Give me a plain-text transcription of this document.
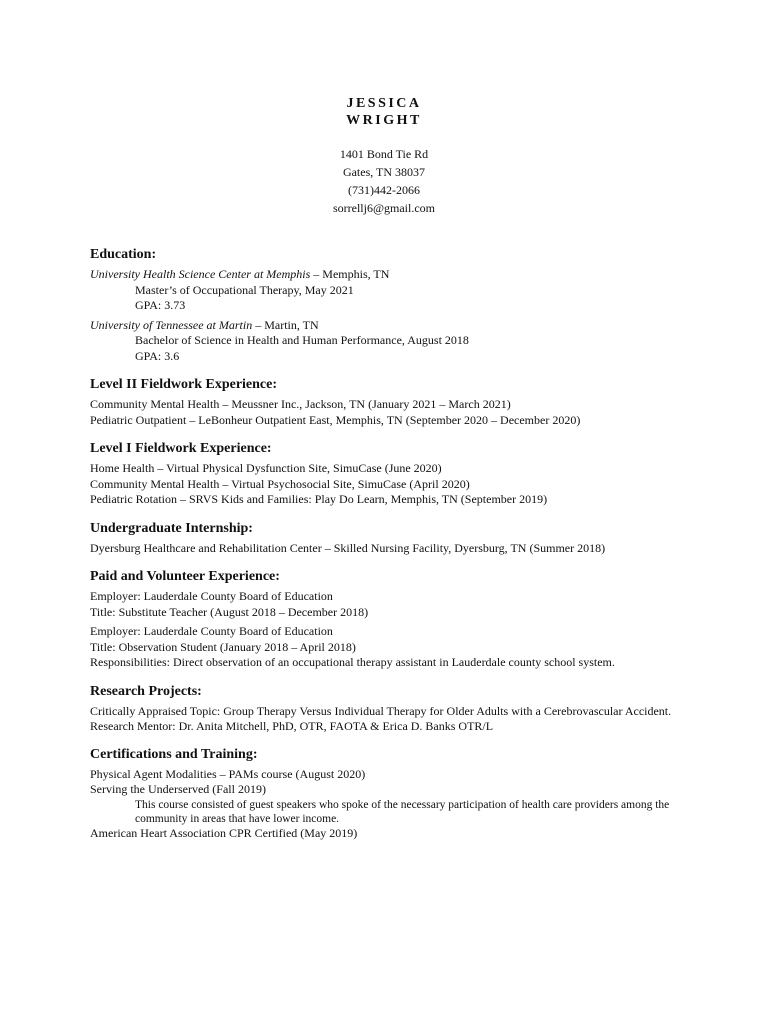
JESSICA
WRIGHT
1401 Bond Tie Rd
Gates, TN 38037
(731)442-2066
sorrellj6@gmail.com
Education:
University Health Science Center at Memphis – Memphis, TN
Master’s of Occupational Therapy, May 2021
GPA: 3.73
University of Tennessee at Martin – Martin, TN
Bachelor of Science in Health and Human Performance, August 2018
GPA: 3.6
Level II Fieldwork Experience:
Community Mental Health – Meussner Inc., Jackson, TN (January 2021 – March 2021)
Pediatric Outpatient – LeBonheur Outpatient East, Memphis, TN (September 2020 – December 2020)
Level I Fieldwork Experience:
Home Health – Virtual Physical Dysfunction Site, SimuCase (June 2020)
Community Mental Health – Virtual Psychosocial Site, SimuCase (April 2020)
Pediatric Rotation – SRVS Kids and Families: Play Do Learn, Memphis, TN (September 2019)
Undergraduate Internship:
Dyersburg Healthcare and Rehabilitation Center – Skilled Nursing Facility, Dyersburg, TN (Summer 2018)
Paid and Volunteer Experience:
Employer: Lauderdale County Board of Education
Title: Substitute Teacher (August 2018 – December 2018)
Employer: Lauderdale County Board of Education
Title: Observation Student (January 2018 – April 2018)
Responsibilities: Direct observation of an occupational therapy assistant in Lauderdale county school system.
Research Projects:
Critically Appraised Topic: Group Therapy Versus Individual Therapy for Older Adults with a Cerebrovascular Accident. Research Mentor: Dr. Anita Mitchell, PhD, OTR, FAOTA & Erica D. Banks OTR/L
Certifications and Training:
Physical Agent Modalities – PAMs course (August 2020)
Serving the Underserved (Fall 2019)
This course consisted of guest speakers who spoke of the necessary participation of health care providers among the community in areas that have lower income.
American Heart Association CPR Certified (May 2019)
